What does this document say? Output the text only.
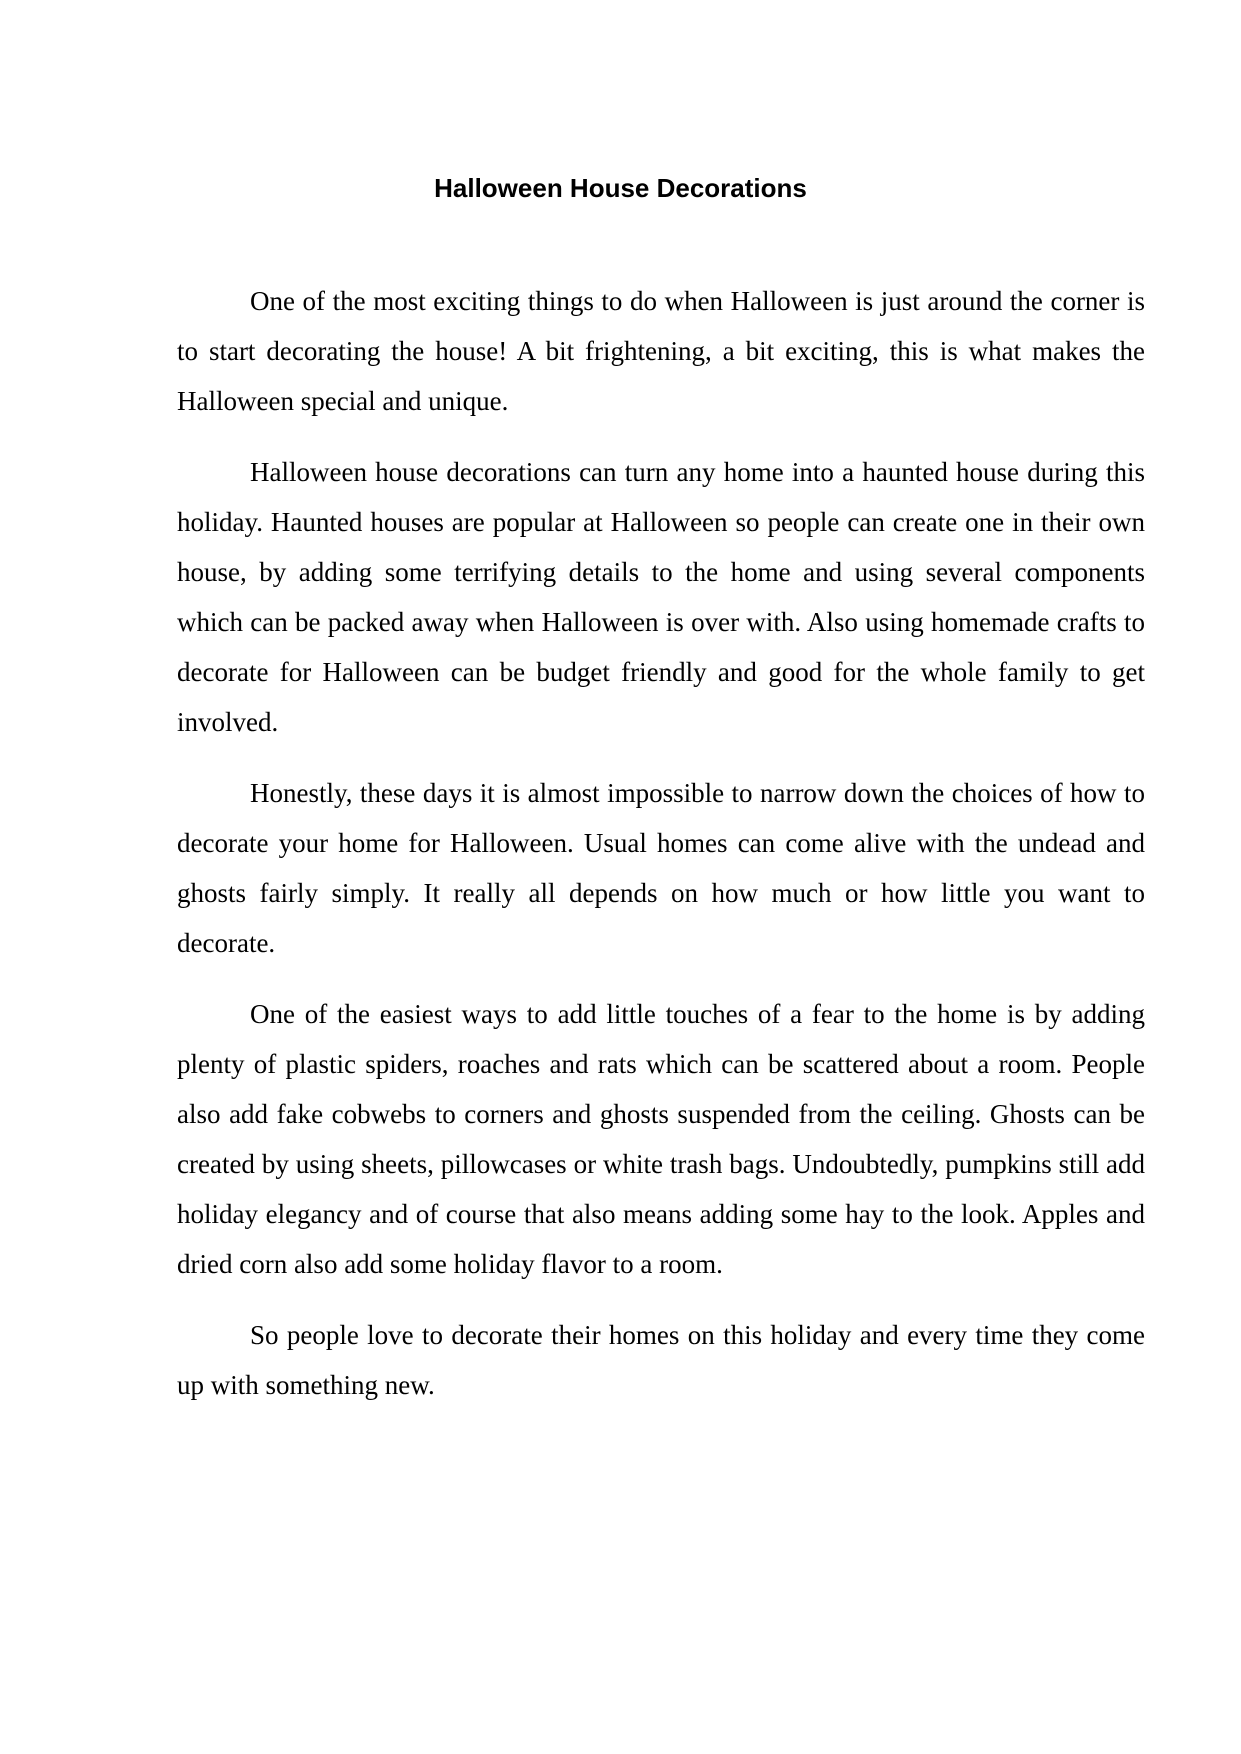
Halloween House Decorations

One of the most exciting things to do when Halloween is just around the corner is to start decorating the house! A bit frightening, a bit exciting, this is what makes the Halloween special and unique.

Halloween house decorations can turn any home into a haunted house during this holiday. Haunted houses are popular at Halloween so people can create one in their own house, by adding some terrifying details to the home and using several components which can be packed away when Halloween is over with. Also using homemade crafts to decorate for Halloween can be budget friendly and good for the whole family to get involved.

Honestly, these days it is almost impossible to narrow down the choices of how to decorate your home for Halloween. Usual homes can come alive with the undead and ghosts fairly simply. It really all depends on how much or how little you want to decorate.

One of the easiest ways to add little touches of a fear to the home is by adding plenty of plastic spiders, roaches and rats which can be scattered about a room. People also add fake cobwebs to corners and ghosts suspended from the ceiling. Ghosts can be created by using sheets, pillowcases or white trash bags. Undoubtedly, pumpkins still add holiday elegancy and of course that also means adding some hay to the look. Apples and dried corn also add some holiday flavor to a room.

So people love to decorate their homes on this holiday and every time they come up with something new.
